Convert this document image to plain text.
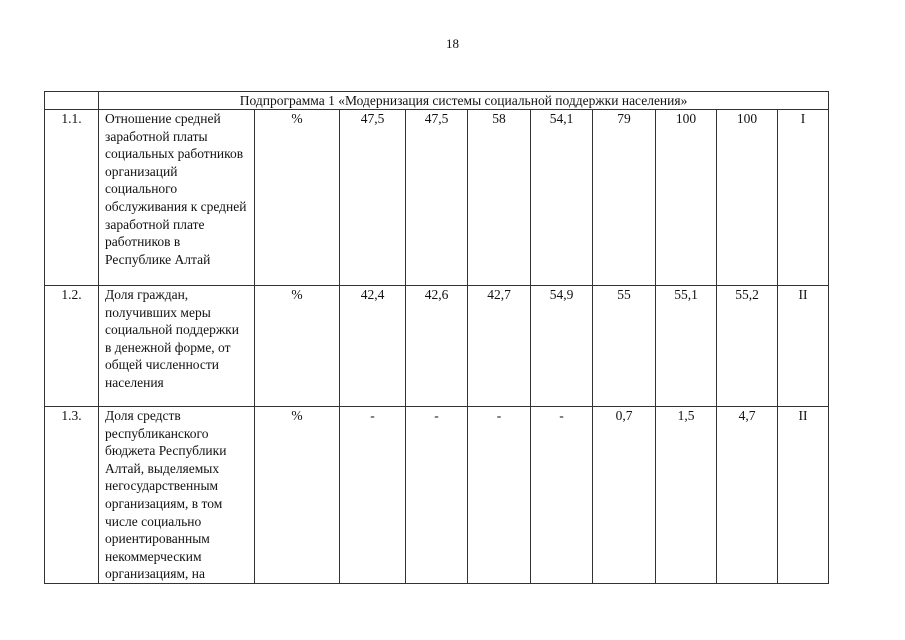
18
	Подпрограмма 1 «Модернизация системы социальной поддержки населения»									
1.1.	Отношение средней заработной платы социальных работников организаций социального обслуживания к средней заработной плате работников в Республике Алтай	%	47,5	47,5	58	54,1	79	100	100	I
1.2.	Доля граждан, получивших меры социальной поддержки в денежной форме, от общей численности населения	%	42,4	42,6	42,7	54,9	55	55,1	55,2	II
1.3.	Доля средств республиканского бюджета Республики Алтай, выделяемых негосударственным организациям, в том числе социально ориентированным некоммерческим организациям, на	%	-	-	-	-	0,7	1,5	4,7	II
